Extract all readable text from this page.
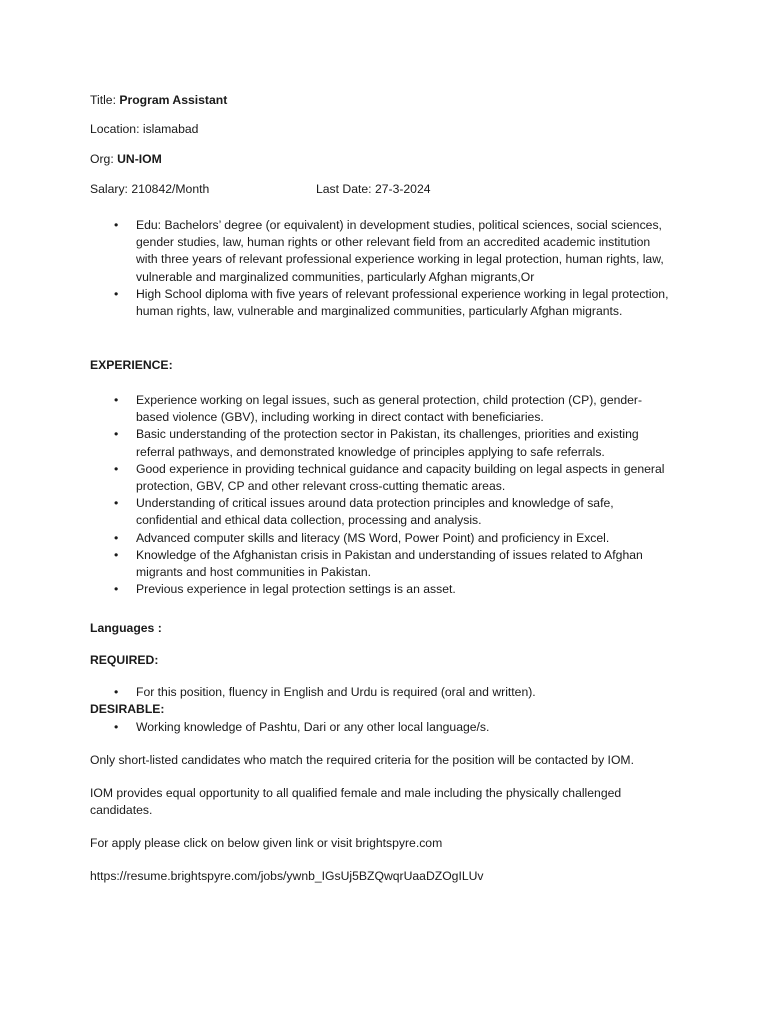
Title: Program Assistant
Location: islamabad
Org: UN-IOM
Salary: 210842/Month	Last Date: 27-3-2024
• Edu: Bachelors’ degree (or equivalent) in development studies, political sciences, social sciences, gender studies, law, human rights or other relevant field from an accredited academic institution with three years of relevant professional experience working in legal protection, human rights, law, vulnerable and marginalized communities, particularly Afghan migrants,Or
• High School diploma with five years of relevant professional experience working in legal protection, human rights, law, vulnerable and marginalized communities, particularly Afghan migrants.
EXPERIENCE:
• Experience working on legal issues, such as general protection, child protection (CP), gender-based violence (GBV), including working in direct contact with beneficiaries.
• Basic understanding of the protection sector in Pakistan, its challenges, priorities and existing referral pathways, and demonstrated knowledge of principles applying to safe referrals.
• Good experience in providing technical guidance and capacity building on legal aspects in general protection, GBV, CP and other relevant cross-cutting thematic areas.
• Understanding of critical issues around data protection principles and knowledge of safe, confidential and ethical data collection, processing and analysis.
• Advanced computer skills and literacy (MS Word, Power Point) and proficiency in Excel.
• Knowledge of the Afghanistan crisis in Pakistan and understanding of issues related to Afghan migrants and host communities in Pakistan.
• Previous experience in legal protection settings is an asset.
Languages :
REQUIRED:
• For this position, fluency in English and Urdu is required (oral and written).
DESIRABLE:
• Working knowledge of Pashtu, Dari or any other local language/s.
Only short-listed candidates who match the required criteria for the position will be contacted by IOM.
IOM provides equal opportunity to all qualified female and male including the physically challenged
candidates.
For apply please click on below given link or visit brightspyre.com
https://resume.brightspyre.com/jobs/ywnb_IGsUj5BZQwqrUaaDZOgILUv
